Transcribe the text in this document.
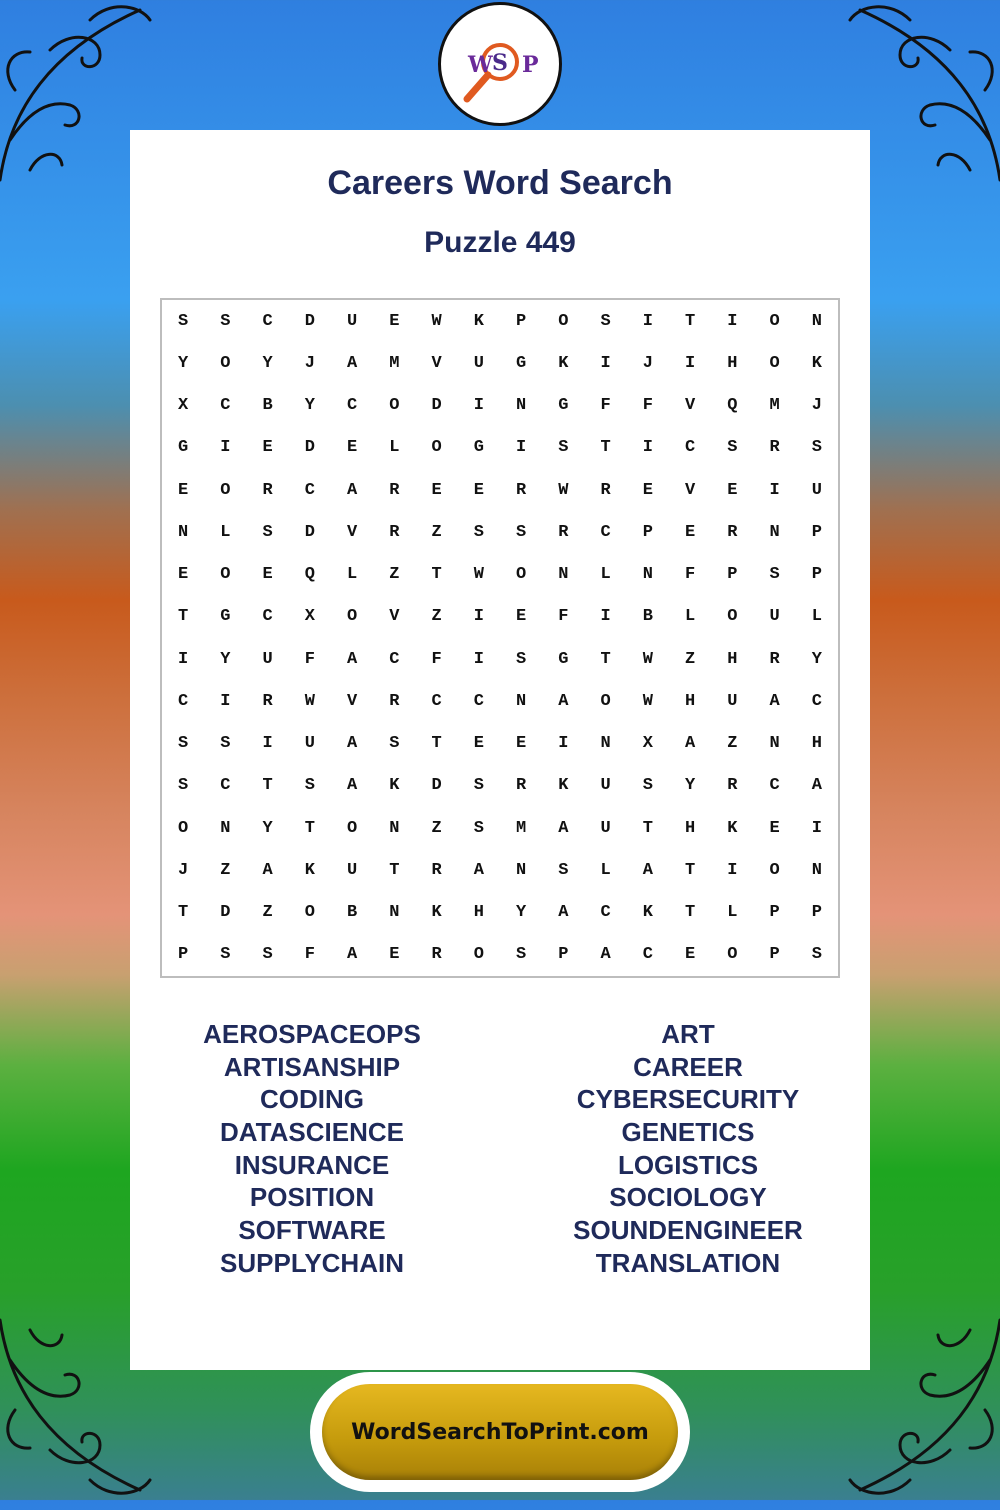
W S P
Careers Word Search
Puzzle 449
S	S	C	D	U	E	W	K	P	O	S	I	T	I	O	N
Y	O	Y	J	A	M	V	U	G	K	I	J	I	H	O	K
X	C	B	Y	C	O	D	I	N	G	F	F	V	Q	M	J
G	I	E	D	E	L	O	G	I	S	T	I	C	S	R	S
E	O	R	C	A	R	E	E	R	W	R	E	V	E	I	U
N	L	S	D	V	R	Z	S	S	R	C	P	E	R	N	P
E	O	E	Q	L	Z	T	W	O	N	L	N	F	P	S	P
T	G	C	X	O	V	Z	I	E	F	I	B	L	O	U	L
I	Y	U	F	A	C	F	I	S	G	T	W	Z	H	R	Y
C	I	R	W	V	R	C	C	N	A	O	W	H	U	A	C
S	S	I	U	A	S	T	E	E	I	N	X	A	Z	N	H
S	C	T	S	A	K	D	S	R	K	U	S	Y	R	C	A
O	N	Y	T	O	N	Z	S	M	A	U	T	H	K	E	I
J	Z	A	K	U	T	R	A	N	S	L	A	T	I	O	N
T	D	Z	O	B	N	K	H	Y	A	C	K	T	L	P	P
P	S	S	F	A	E	R	O	S	P	A	C	E	O	P	S
AEROSPACEOPS
ARTISANSHIP
CODING
DATASCIENCE
INSURANCE
POSITION
SOFTWARE
SUPPLYCHAIN
ART
CAREER
CYBERSECURITY
GENETICS
LOGISTICS
SOCIOLOGY
SOUNDENGINEER
TRANSLATION
WordSearchToPrint.com
